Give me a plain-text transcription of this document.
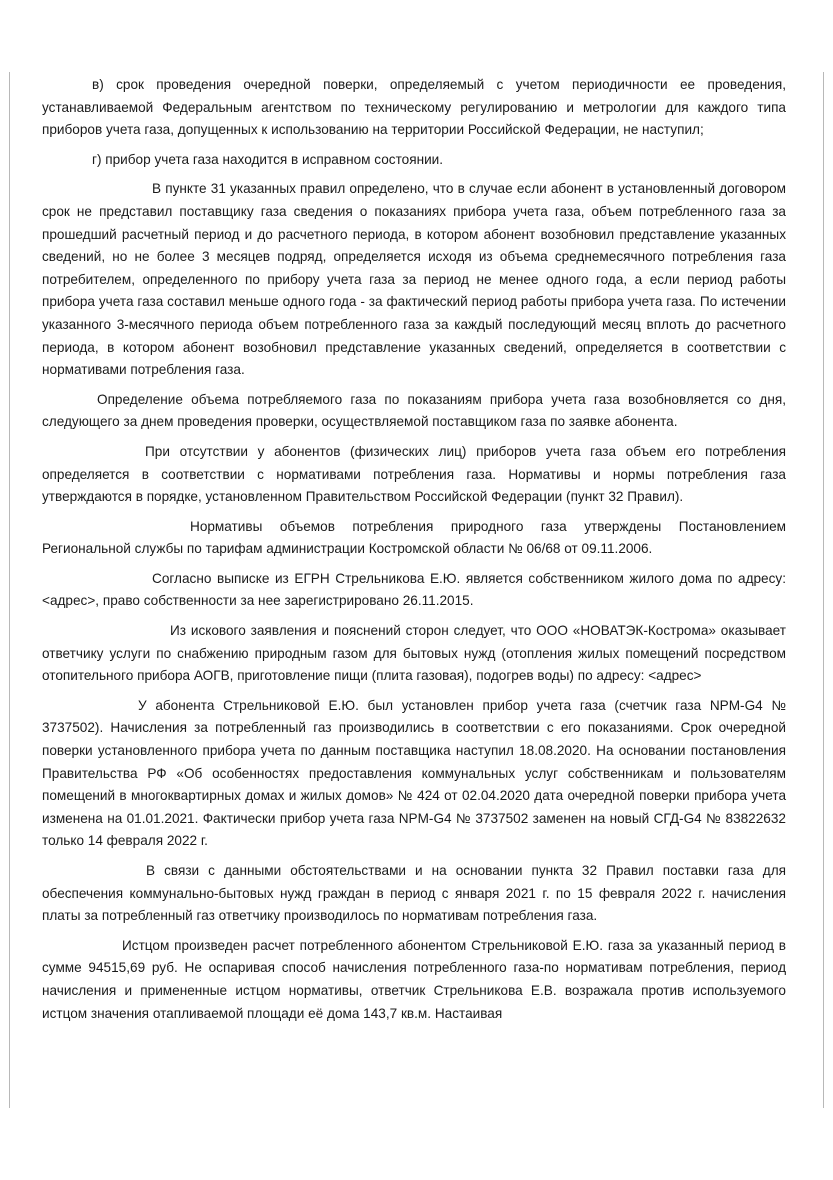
в) срок проведения очередной поверки, определяемый с учетом периодичности ее проведения, устанавливаемой Федеральным агентством по техническому регулированию и метрологии для каждого типа приборов учета газа, допущенных к использованию на территории Российской Федерации, не наступил;

г) прибор учета газа находится в исправном состоянии.

В пункте 31 указанных правил определено, что в случае если абонент в установленный договором срок не представил поставщику газа сведения о показаниях прибора учета газа, объем потребленного газа за прошедший расчетный период и до расчетного периода, в котором абонент возобновил представление указанных сведений, но не более 3 месяцев подряд, определяется исходя из объема среднемесячного потребления газа потребителем, определенного по прибору учета газа за период не менее одного года, а если период работы прибора учета газа составил меньше одного года - за фактический период работы прибора учета газа. По истечении указанного 3-месячного периода объем потребленного газа за каждый последующий месяц вплоть до расчетного периода, в котором абонент возобновил представление указанных сведений, определяется в соответствии с нормативами потребления газа.

Определение объема потребляемого газа по показаниям прибора учета газа возобновляется со дня, следующего за днем проведения проверки, осуществляемой поставщиком газа по заявке абонента.

При отсутствии у абонентов (физических лиц) приборов учета газа объем его потребления определяется в соответствии с нормативами потребления газа. Нормативы и нормы потребления газа утверждаются в порядке, установленном Правительством Российской Федерации (пункт 32 Правил).

Нормативы объемов потребления природного газа утверждены Постановлением Региональной службы по тарифам администрации Костромской области № 06/68 от 09.11.2006.

Согласно выписке из ЕГРН Стрельникова Е.Ю. является собственником жилого дома по адресу: <адрес>, право собственности за нее зарегистрировано 26.11.2015.

Из искового заявления и пояснений сторон следует, что ООО «НОВАТЭК-Кострома» оказывает ответчику услуги по снабжению природным газом для бытовых нужд (отопления жилых помещений посредством отопительного прибора АОГВ, приготовление пищи (плита газовая), подогрев воды) по адресу: <адрес>

У абонента Стрельниковой Е.Ю. был установлен прибор учета газа (счетчик газа NPM-G4 № 3737502). Начисления за потребленный газ производились в соответствии с его показаниями. Срок очередной поверки установленного прибора учета по данным поставщика наступил 18.08.2020. На основании постановления Правительства РФ «Об особенностях предоставления коммунальных услуг собственникам и пользователям помещений в многоквартирных домах и жилых домов» № 424 от 02.04.2020 дата очередной поверки прибора учета изменена на 01.01.2021. Фактически прибор учета газа NPM-G4 № 3737502 заменен на новый СГД-G4 № 83822632 только 14 февраля 2022 г.

В связи с данными обстоятельствами и на основании пункта 32 Правил поставки газа для обеспечения коммунально-бытовых нужд граждан в период с января 2021 г. по 15 февраля 2022 г. начисления платы за потребленный газ ответчику производилось по нормативам потребления газа.

Истцом произведен расчет потребленного абонентом Стрельниковой Е.Ю. газа за указанный период в сумме 94515,69 руб. Не оспаривая способ начисления потребленного газа-по нормативам потребления, период начисления и примененные истцом нормативы, ответчик Стрельникова Е.В. возражала против используемого истцом значения отапливаемой площади её дома 143,7 кв.м. Настаивая
